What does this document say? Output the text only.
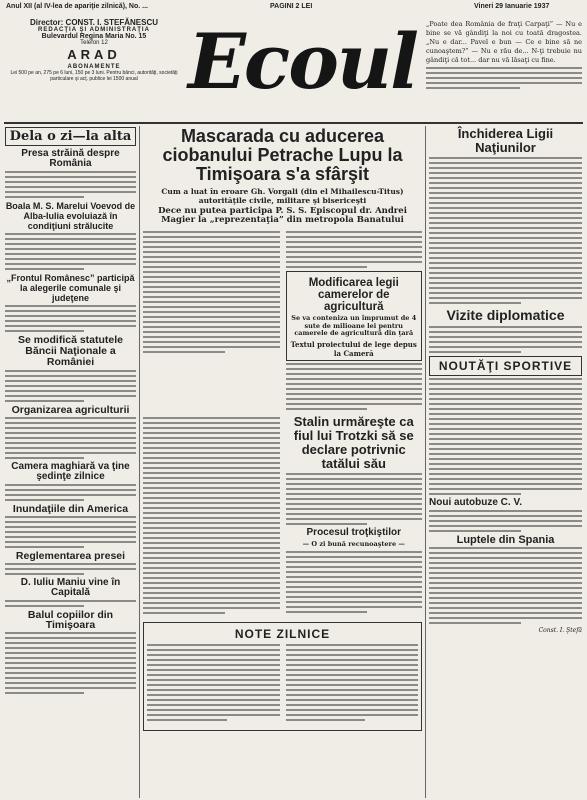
Anul XII (al IV-lea de apariţie zilnică), No. ...	PAGINI 2 LEI	Vineri 29 Ianuarie 1937
Director: CONST. I. STEFĂNESCU
REDACŢIA ŞI ADMINISTRAŢIA
Bulevardul Regina Maria No. 15
Telefon 12
ARAD
ABONAMENTE
Lei 500 pe an, 275 pe 6 luni, 150 pe 3 luni. Pentru bănci, autorităţi, societăţi particulare şi acţ. publice lei 1500 anual Ecoul „Poate dea România de fraţi Carpaţi” — Nu e bine se vă gândiţi la noi cu toată dragostea. „Nu e dar... Pavel e bun — Ce e bine să ne cunoaştem?” — Nu e rău de... N-ţi trebuie nu gândiţi că tot... dar nu vă lăsaţi cu fine.
Dela o zi—la alta
Presa străină despre România
Boala M. S. Marelui Voevod de Alba-Iulia evoluiază în condiţiuni strălucite
„Frontul Românesc” participă la alegerile comunale şi judeţene
Se modifică statutele Băncii Naţionale a României
Organizarea agriculturii
Camera maghiară va ţine şedinţe zilnice
Inundaţiile din America
Reglementarea presei
D. Iuliu Maniu vine în Capitală
Balul copiilor din Timişoara
Mascarada cu aducerea ciobanului Petrache Lupu la Timişoara s'a sfârşit
Cum a luat în eroare Gh. Vorgali (din el Mihailescu-Titus) autorităţile civile, militare şi bisericeşti
Dece nu putea participa P. S. S. Episcopul dr. Andrei Magier la „reprezentaţia” din metropola Banatului
Modificarea legii camerelor de agricultură
Se va conteniza un împrumut de 4 sute de milioane lei pentru camerele de agricultură din ţară
Textul proiectului de lege depus la Cameră
Stalin urmăreşte ca fiul lui Trotzki să se declare potrivnic tatălui său
Procesul troţkiştilor
— O zi bună recunoaştere —
NOTE ZILNICE
Închiderea Ligii Naţiunilor
Vizite diplomatice
NOUTĂŢI SPORTIVE
Noui autobuze C. V.
Luptele din Spania
Const. I. Ştefă
